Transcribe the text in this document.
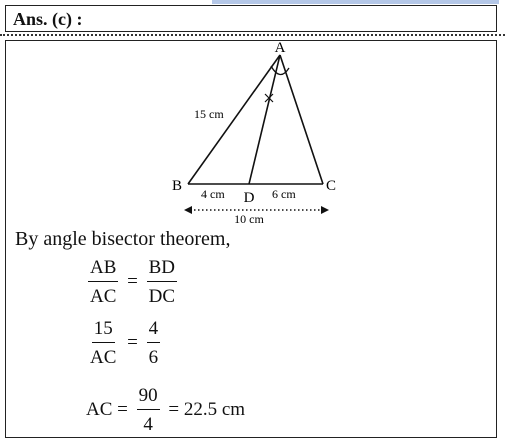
Ans. (c) :
A
B	C
D
15 cm
4 cm	6 cm
10 cm
By angle bisector theorem,
$\frac{AB}{AC} = \frac{BD}{DC}$
$\frac{15}{AC} = \frac{4}{6}$
AC = $\frac{90}{4} = 22.5$ cm
